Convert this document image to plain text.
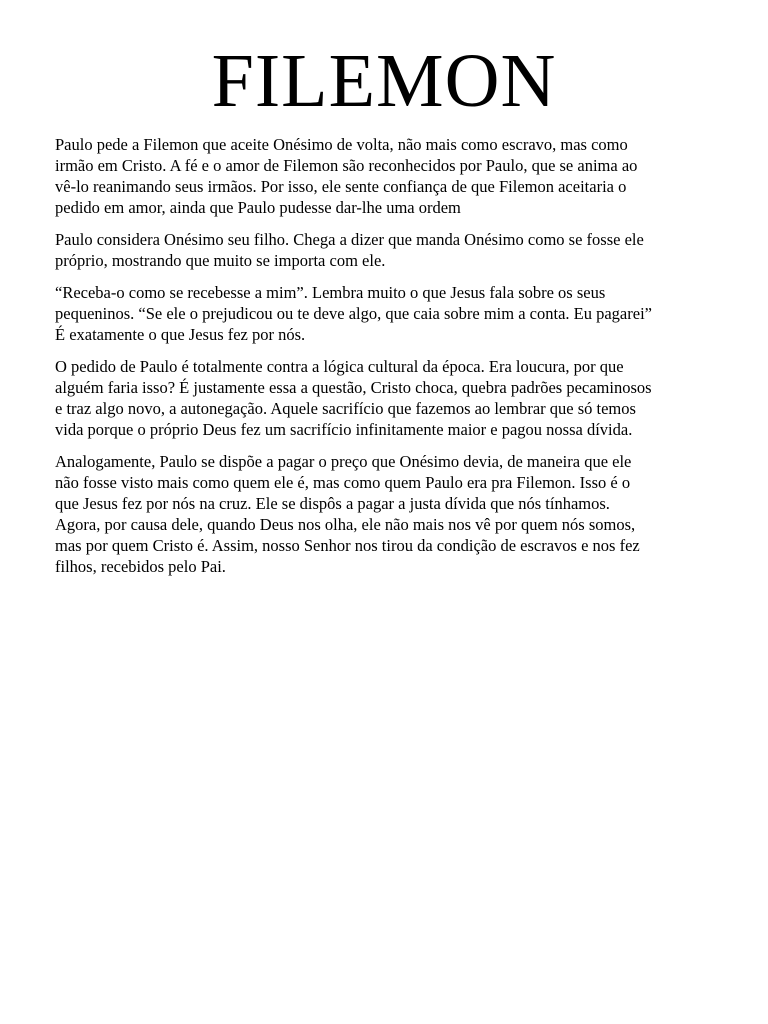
FILEMON

Paulo pede a Filemon que aceite Onésimo de volta, não mais como escravo, mas como
irmão em Cristo. A fé e o amor de Filemon são reconhecidos por Paulo, que se anima ao
vê-lo reanimando seus irmãos. Por isso, ele sente confiança de que Filemon aceitaria o
pedido em amor, ainda que Paulo pudesse dar-lhe uma ordem

Paulo considera Onésimo seu filho. Chega a dizer que manda Onésimo como se fosse ele
próprio, mostrando que muito se importa com ele.

“Receba-o como se recebesse a mim”. Lembra muito o que Jesus fala sobre os seus
pequeninos. “Se ele o prejudicou ou te deve algo, que caia sobre mim a conta. Eu pagarei”
É exatamente o que Jesus fez por nós.

O pedido de Paulo é totalmente contra a lógica cultural da época. Era loucura, por que
alguém faria isso? É justamente essa a questão, Cristo choca, quebra padrões pecaminosos
e traz algo novo, a autonegação. Aquele sacrifício que fazemos ao lembrar que só temos
vida porque o próprio Deus fez um sacrifício infinitamente maior e pagou nossa dívida.

Analogamente, Paulo se dispõe a pagar o preço que Onésimo devia, de maneira que ele
não fosse visto mais como quem ele é, mas como quem Paulo era pra Filemon. Isso é o
que Jesus fez por nós na cruz. Ele se dispôs a pagar a justa dívida que nós tínhamos.
Agora, por causa dele, quando Deus nos olha, ele não mais nos vê por quem nós somos,
mas por quem Cristo é. Assim, nosso Senhor nos tirou da condição de escravos e nos fez
filhos, recebidos pelo Pai.
